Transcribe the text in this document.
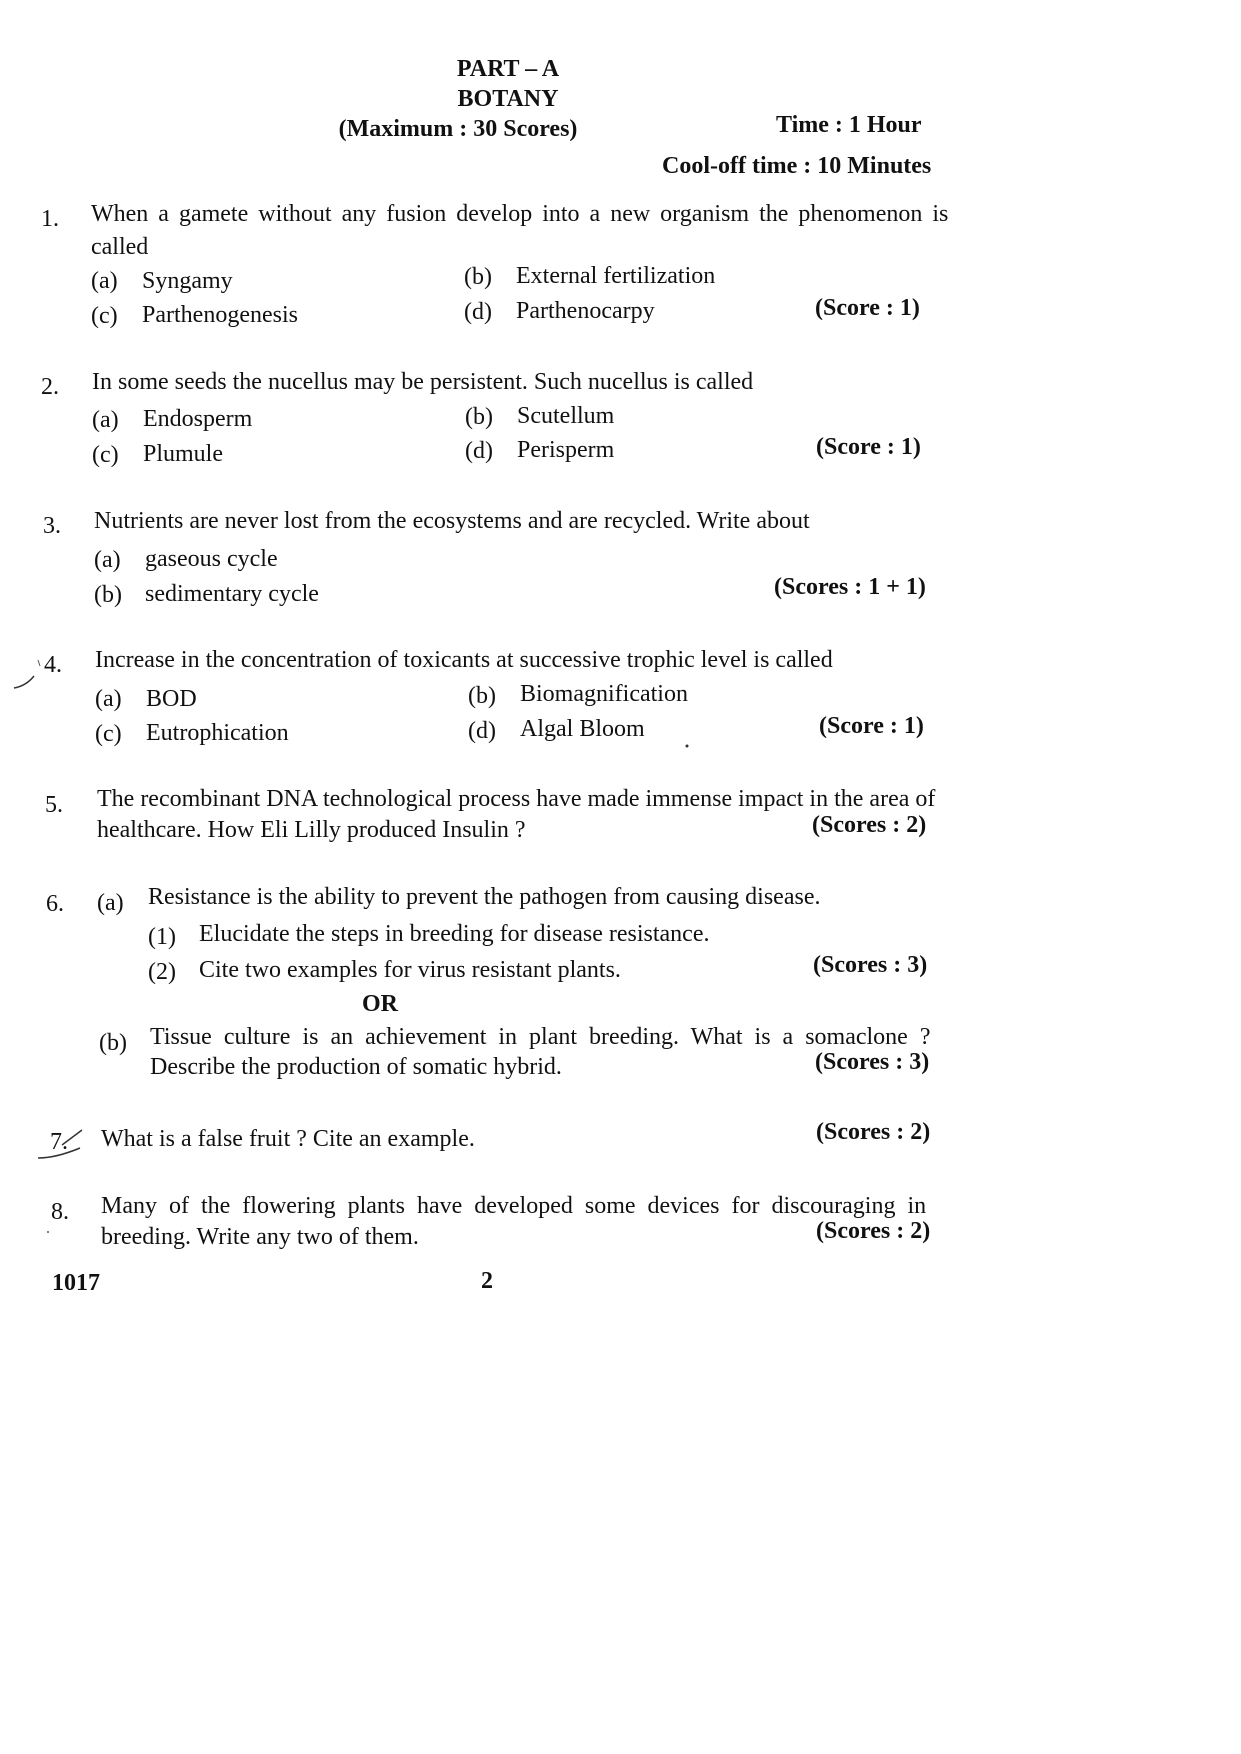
PART – A
BOTANY
(Maximum : 30 Scores)	Time : 1 Hour
Cool-off time : 10 Minutes
1. When a gamete without any fusion develop into a new organism the phenomenon is
called
(a) Syngamy	(b) External fertilization
(c) Parthenogenesis	(d) Parthenocarpy	(Score : 1)
2. In some seeds the nucellus may be persistent. Such nucellus is called
(a) Endosperm	(b) Scutellum
(c) Plumule	(d) Perisperm	(Score : 1)
3. Nutrients are never lost from the ecosystems and are recycled. Write about
(a) gaseous cycle
(b) sedimentary cycle	(Scores : 1 + 1)
4. Increase in the concentration of toxicants at successive trophic level is called
(a) BOD	(b) Biomagnification
(c) Eutrophication	(d) Algal Bloom	(Score : 1)
5. The recombinant DNA technological process have made immense impact in the area of
healthcare. How Eli Lilly produced Insulin ?	(Scores : 2)
6. (a) Resistance is the ability to prevent the pathogen from causing disease.
(1) Elucidate the steps in breeding for disease resistance.
(2) Cite two examples for virus resistant plants.	(Scores : 3)
OR
(b) Tissue culture is an achievement in plant breeding. What is a somaclone ?
Describe the production of somatic hybrid.	(Scores : 3)
7. What is a false fruit ? Cite an example.	(Scores : 2)
8. Many of the flowering plants have developed some devices for discouraging in
breeding. Write any two of them.	(Scores : 2)
1017	2
